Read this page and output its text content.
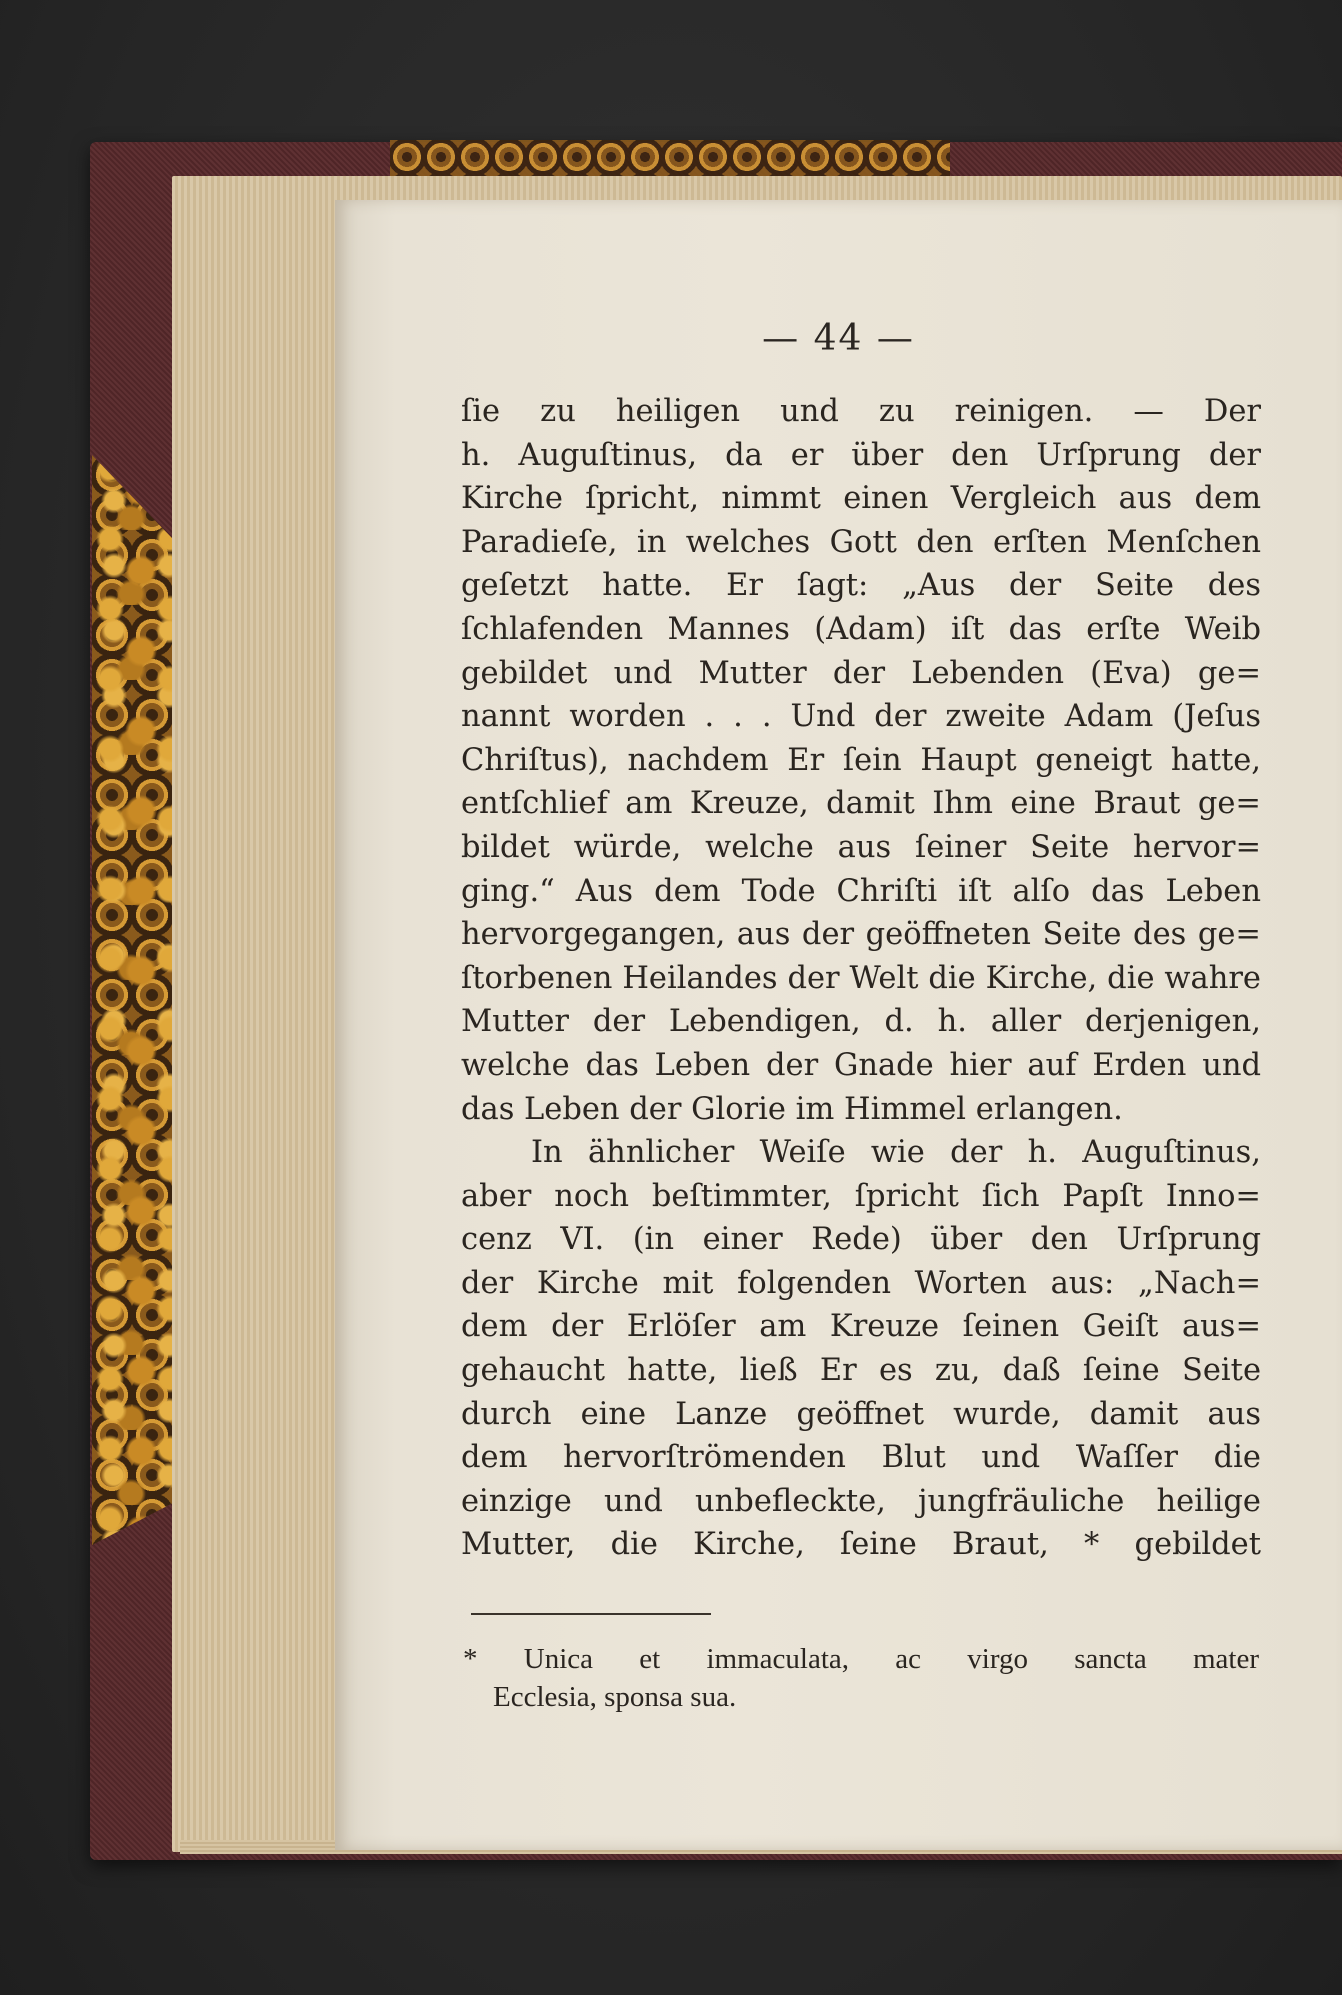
— 44 —
ſie zu heiligen und zu reinigen. — Der
h. Auguſtinus, da er über den Urſprung der
Kirche ſpricht, nimmt einen Vergleich aus dem
Paradieſe, in welches Gott den erſten Menſchen
geſetzt hatte. Er ſagt: „Aus der Seite des
ſchlafenden Mannes (Adam) iſt das erſte Weib
gebildet und Mutter der Lebenden (Eva) ge=
nannt worden . . . Und der zweite Adam (Jeſus
Chriſtus), nachdem Er ſein Haupt geneigt hatte,
entſchlief am Kreuze, damit Ihm eine Braut ge=
bildet würde, welche aus ſeiner Seite hervor=
ging.“ Aus dem Tode Chriſti iſt alſo das Leben
hervorgegangen, aus der geöffneten Seite des ge=
ſtorbenen Heilandes der Welt die Kirche, die wahre
Mutter der Lebendigen, d. h. aller derjenigen,
welche das Leben der Gnade hier auf Erden und
das Leben der Glorie im Himmel erlangen.
In ähnlicher Weiſe wie der h. Auguſtinus,
aber noch beſtimmter, ſpricht ſich Papſt Inno=
cenz VI. (in einer Rede) über den Urſprung
der Kirche mit folgenden Worten aus: „Nach=
dem der Erlöſer am Kreuze ſeinen Geiſt aus=
gehaucht hatte, ließ Er es zu, daß ſeine Seite
durch eine Lanze geöffnet wurde, damit aus
dem hervorſtrömenden Blut und Waſſer die
einzige und unbefleckte, jungfräuliche heilige
Mutter, die Kirche, ſeine Braut, * gebildet
* Unica et immaculata, ac virgo sancta mater
Ecclesia, sponsa sua.
